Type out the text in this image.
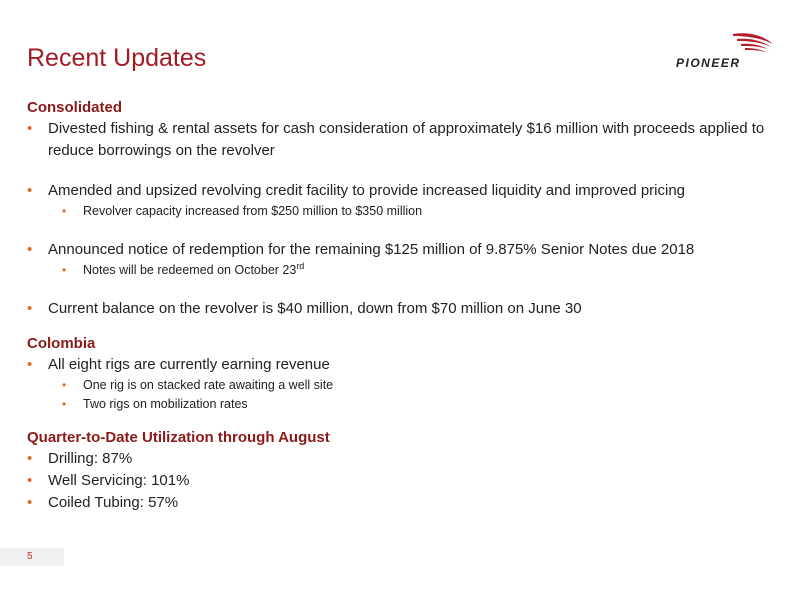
Recent Updates	PIONEER
Consolidated
• Divested fishing & rental assets for cash consideration of approximately $16 million with proceeds applied to reduce borrowings on the revolver
• Amended and upsized revolving credit facility to provide increased liquidity and improved pricing
• Revolver capacity increased from $250 million to $350 million
• Announced notice of redemption for the remaining $125 million of 9.875% Senior Notes due 2018
• Notes will be redeemed on October 23rd
• Current balance on the revolver is $40 million, down from $70 million on June 30
Colombia
• All eight rigs are currently earning revenue
• One rig is on stacked rate awaiting a well site
• Two rigs on mobilization rates
Quarter-to-Date Utilization through August
• Drilling: 87%
• Well Servicing: 101%
• Coiled Tubing: 57%
5
